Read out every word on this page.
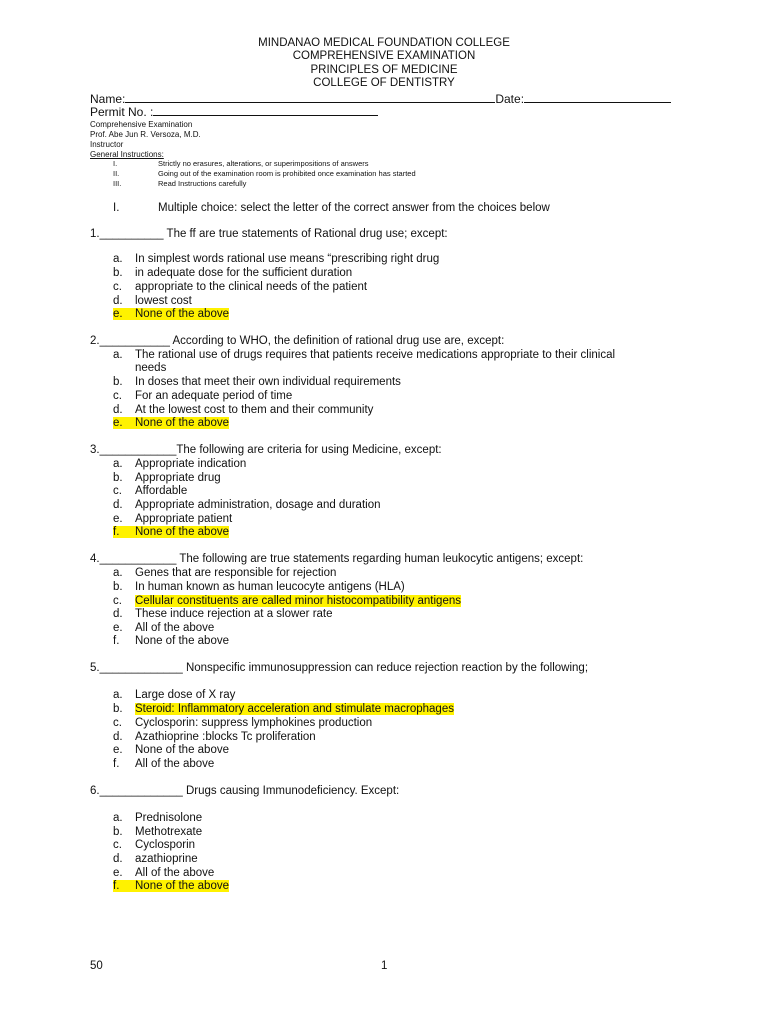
MINDANAO MEDICAL FOUNDATION COLLEGE
COMPREHENSIVE EXAMINATION
PRINCIPLES OF MEDICINE
COLLEGE OF DENTISTRY
Name:	Date:
Permit No. :
Comprehensive Examination
Prof. Abe Jun R. Versoza, M.D.
Instructor
General Instructions:
I.	Strictly no erasures, alterations, or superimpositions of answers
II.	Going out of the examination room is prohibited once examination has started
III.	Read Instructions carefully
I.	Multiple choice: select the letter of the correct answer from the choices below
1.__________ The ff are true statements of Rational drug use; except:
a. In simplest words rational use means “prescribing right drug
b. in adequate dose for the sufficient duration
c. appropriate to the clinical needs of the patient
d. lowest cost
e. None of the above
2.___________ According to WHO, the definition of rational drug use are, except:
a. The rational use of drugs requires that patients receive medications appropriate to their clinical
needs
b. In doses that meet their own individual requirements
c. For an adequate period of time
d. At the lowest cost to them and their community
e. None of the above
3.____________The following are criteria for using Medicine, except:
a. Appropriate indication
b. Appropriate drug
c. Affordable
d. Appropriate administration, dosage and duration
e. Appropriate patient
f. None of the above
4.____________ The following are true statements regarding human leukocytic antigens; except:
a. Genes that are responsible for rejection
b. In human known as human leucocyte antigens (HLA)
c. Cellular constituents are called minor histocompatibility antigens
d. These induce rejection at a slower rate
e. All of the above
f. None of the above
5._____________ Nonspecific immunosuppression can reduce rejection reaction by the following;
a. Large dose of X ray
b. Steroid: Inflammatory acceleration and stimulate macrophages
c. Cyclosporin: suppress lymphokines production
d. Azathioprine :blocks Tc proliferation
e. None of the above
f. All of the above
6._____________ Drugs causing Immunodeficiency. Except:
a. Prednisolone
b. Methotrexate
c. Cyclosporin
d. azathioprine
e. All of the above
f. None of the above
50	1
